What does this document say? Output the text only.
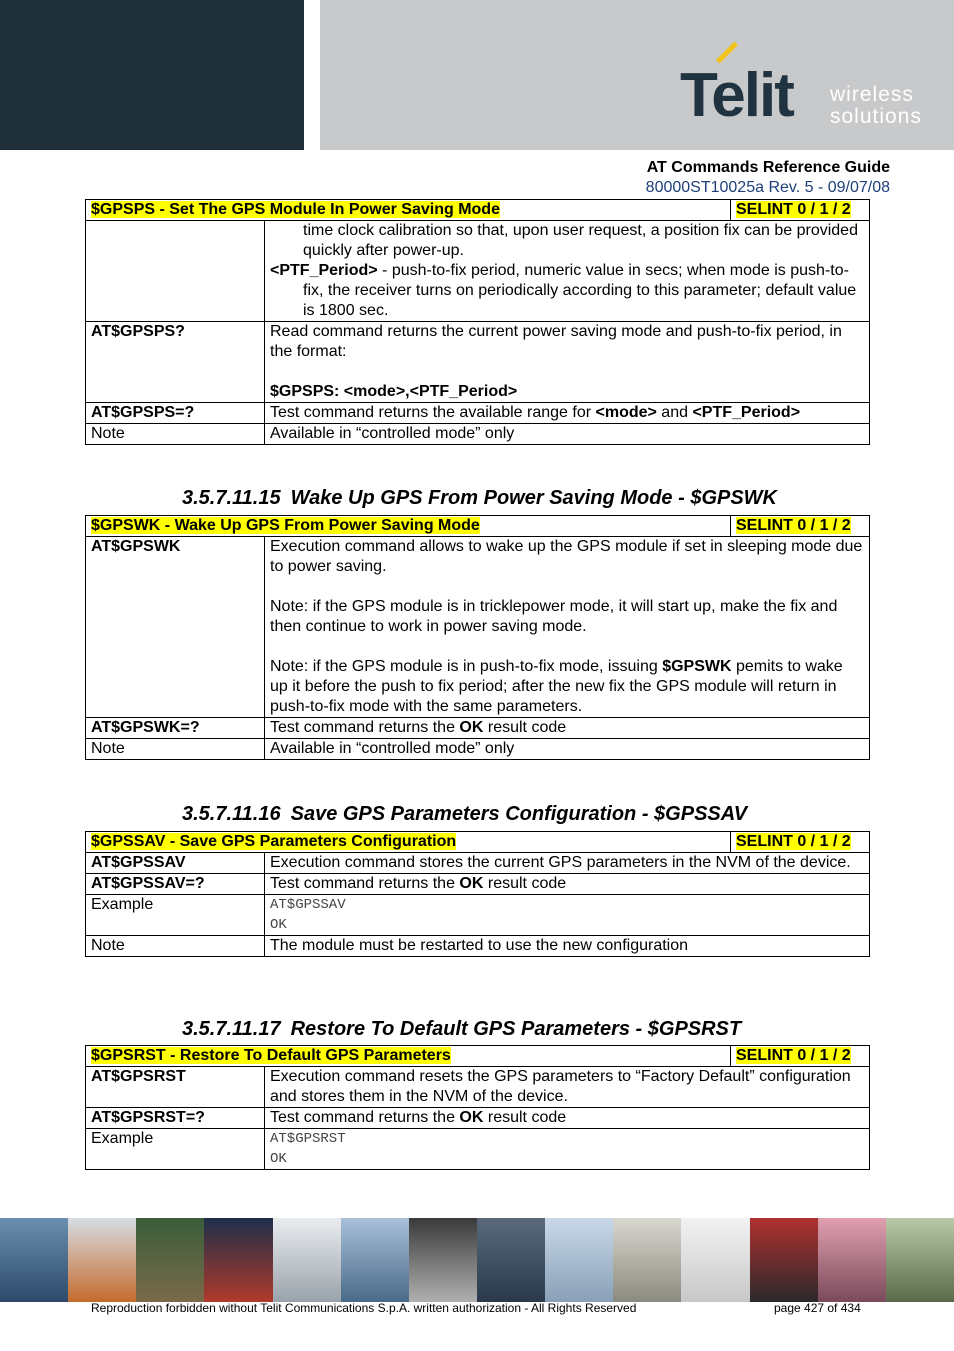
Telit wireless
solutions
AT Commands Reference Guide
80000ST10025a Rev. 5 - 09/07/08
$GPSPS - Set The GPS Module In Power Saving Mode		SELINT 0 / 1 / 2

	time clock calibration so that, upon user request, a position fix can be provided quickly after power-up.
<PTF_Period> - push-to-fix period, numeric value in secs; when mode is push-to-fix, the receiver turns on periodically according to this parameter; default value is 1800 sec.	

AT$GPSPS?	Read command returns the current power saving mode and push-to-fix period, in the format:
$GPSPS: <mode>,<PTF_Period>	

AT$GPSPS=?	Test command returns the available range for <mode> and <PTF_Period>	
Note	Available in “controlled mode” only	
3.5.7.11.15 Wake Up GPS From Power Saving Mode - $GPSWK
$GPSWK - Wake Up GPS From Power Saving Mode		SELINT 0 / 1 / 2
AT$GPSWK	Execution command allows to wake up the GPS module if set in sleeping mode due to power saving.
Note: if the GPS module is in tricklepower mode, it will start up, make the fix and then continue to work in power saving mode.
Note: if the GPS module is in push-to-fix mode, issuing $GPSWK pemits to wake up it before the push to fix period; after the new fix the GPS module will return in push-to-fix mode with the same parameters.	

AT$GPSWK=?	Test command returns the OK result code	
Note	Available in “controlled mode” only	
3.5.7.11.16 Save GPS Parameters Configuration - $GPSSAV
$GPSSAV - Save GPS Parameters Configuration		SELINT 0 / 1 / 2
AT$GPSSAV	Execution command stores the current GPS parameters in the NVM of the device.	
AT$GPSSAV=?	Test command returns the OK result code	
Example	AT$GPSSAV
OK	

Note	The module must be restarted to use the new configuration	
3.5.7.11.17 Restore To Default GPS Parameters - $GPSRST
$GPSRST - Restore To Default GPS Parameters		SELINT 0 / 1 / 2
AT$GPSRST	Execution command resets the GPS parameters to “Factory Default” configuration and stores them in the NVM of the device.	
AT$GPSRST=?	Test command returns the OK result code	
Example	AT$GPSRST
OK	
Reproduction forbidden without Telit Communications S.p.A. written authorization - All Rights Reserved	page 427 of 434
